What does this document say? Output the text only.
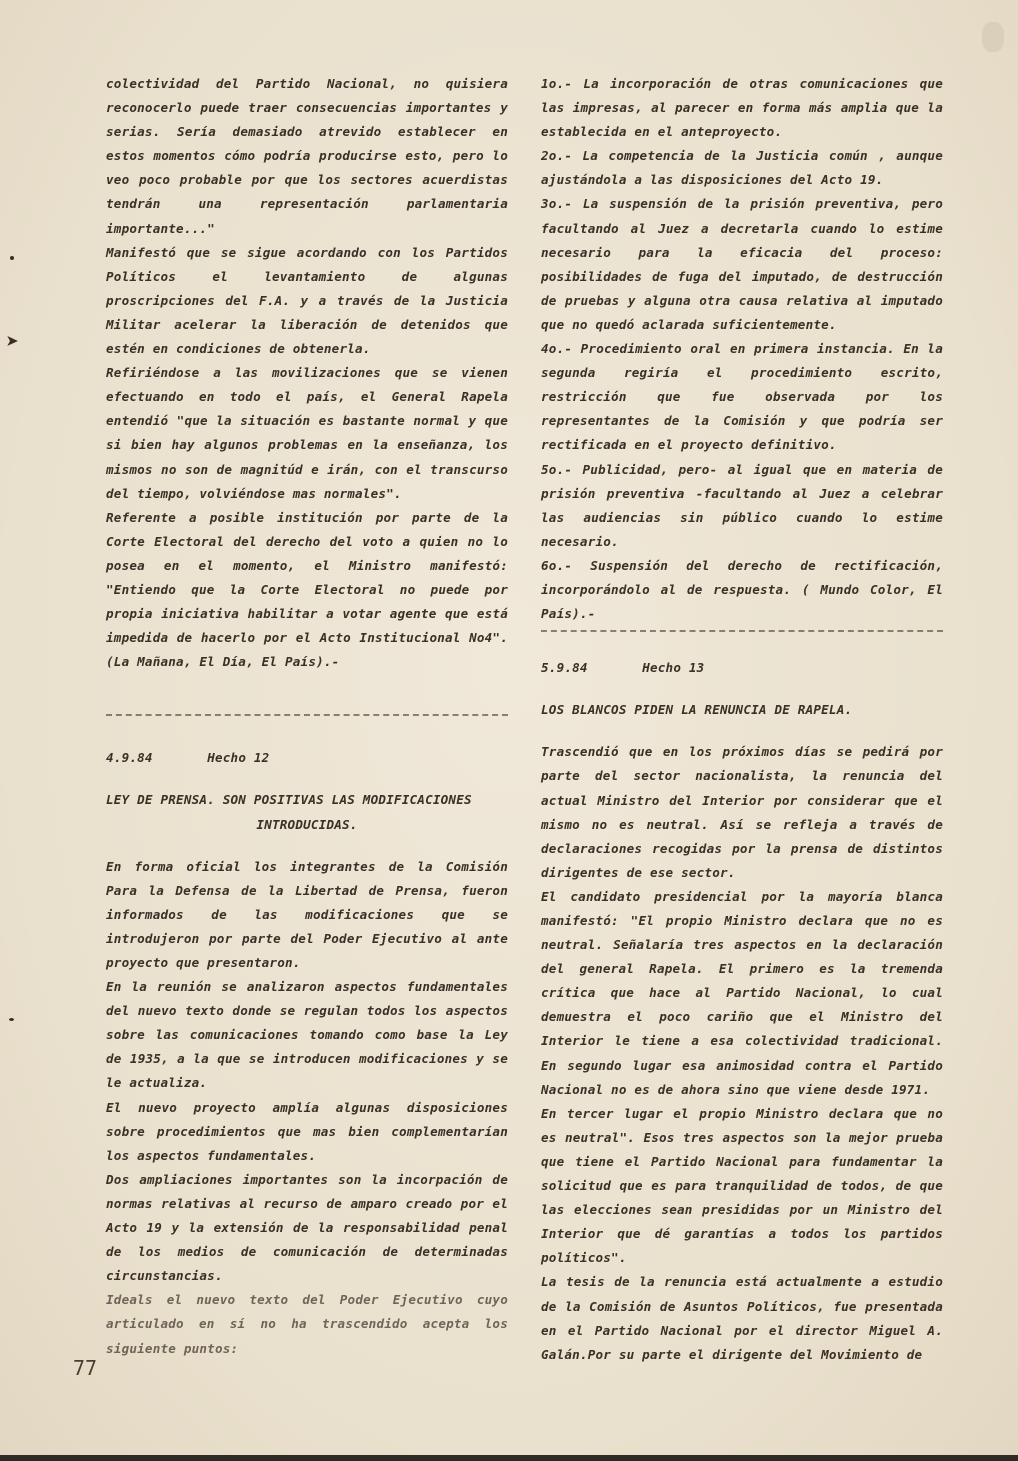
➤

colectividad del Partido Nacional, no quisiera reconocerlo puede traer consecuencias importantes y serias. Sería demasiado atrevido establecer en estos momentos cómo podría producirse esto, pero lo veo poco probable por que los sectores acuerdistas tendrán una representación parlamentaria importante..."

Manifestó que se sigue acordando con los Partidos Políticos el levantamiento de algunas proscripciones del F.A. y a través de la Justicia Militar acelerar la liberación de detenidos que estén en condiciones de obtenerla.

Refiriéndose a las movilizaciones que se vienen efectuando en todo el país, el General Rapela entendió "que la situación es bastante normal y que si bien hay algunos problemas en la enseñanza, los mismos no son de magnitúd e irán, con el transcurso del tiempo, volviéndose mas normales".

Referente a posible institución por parte de la Corte Electoral del derecho del voto a quien no lo posea en el momento, el Ministro manifestó: "Entiendo que la Corte Electoral no puede por propia iniciativa habilitar a votar agente que está impedida de hacerlo por el Acto Institucional No4". (La Mañana, El Día, El País).-

4.9.84	Hecho 12

LEY DE PRENSA. SON POSITIVAS LAS MODIFICACIONES

INTRODUCIDAS.

En forma oficial los integrantes de la Comisión Para la Defensa de la Libertad de Prensa, fueron informados de las modificaciones que se introdujeron por parte del Poder Ejecutivo al ante proyecto que presentaron.

En la reunión se analizaron aspectos fundamentales del nuevo texto donde se regulan todos los aspectos sobre las comunicaciones tomando como base la Ley de 1935, a la que se introducen modificaciones y se le actualiza.

El nuevo proyecto amplía algunas disposiciones sobre procedimientos que mas bien complementarían los aspectos fundamentales.

Dos ampliaciones importantes son la incorpación de normas relativas al recurso de amparo creado por el Acto 19 y la extensión de la responsabilidad penal de los medios de comunicación de determinadas circunstancias.

Ideals el nuevo texto del Poder Ejecutivo cuyo articulado en sí no ha trascendido acepta los siguiente puntos:

1o.- La incorporación de otras comunicaciones que las impresas, al parecer en forma más amplia que la establecida en el anteproyecto.

2o.- La competencia de la Justicia común , aunque ajustándola a las disposiciones del Acto 19.

3o.- La suspensión de la prisión preventiva, pero facultando al Juez a decretarla cuando lo estime necesario para la eficacia del proceso: posibilidades de fuga del imputado, de destrucción de pruebas y alguna otra causa relativa al imputado que no quedó aclarada suficientemente.

4o.- Procedimiento oral en primera instancia. En la segunda regiría el procedimiento escrito, restricción que fue observada por los representantes de la Comisión y que podría ser rectificada en el proyecto definitivo.

5o.- Publicidad, pero- al igual que en materia de prisión preventiva -facultando al Juez a celebrar las audiencias sin público cuando lo estime necesario.

6o.- Suspensión del derecho de rectificación, incorporándolo al de respuesta. ( Mundo Color, El País).-

5.9.84	Hecho 13

LOS BLANCOS PIDEN LA RENUNCIA DE RAPELA.

Trascendió que en los próximos días se pedirá por parte del sector nacionalista, la renuncia del actual Ministro del Interior por considerar que el mismo no es neutral. Así se refleja a través de declaraciones recogidas por la prensa de distintos dirigentes de ese sector.

El candidato presidencial por la mayoría blanca manifestó: "El propio Ministro declara que no es neutral. Señalaría tres aspectos en la declaración del general Rapela. El primero es la tremenda crítica que hace al Partido Nacional, lo cual demuestra el poco cariño que el Ministro del Interior le tiene a esa colectividad tradicional. En segundo lugar esa animosidad contra el Partido Nacional no es de ahora sino que viene desde 1971.

En tercer lugar el propio Ministro declara que no es neutral". Esos tres aspectos son la mejor prueba que tiene el Partido Nacional para fundamentar la solicitud que es para tranquilidad de todos, de que las elecciones sean presididas por un Ministro del Interior que dé garantías a todos los partidos políticos".

La tesis de la renuncia está actualmente a estudio de la Comisión de Asuntos Políticos, fue presentada en el Partido Nacional por el director Miguel A. Galán.Por su parte el dirigente del Movimiento de

77
